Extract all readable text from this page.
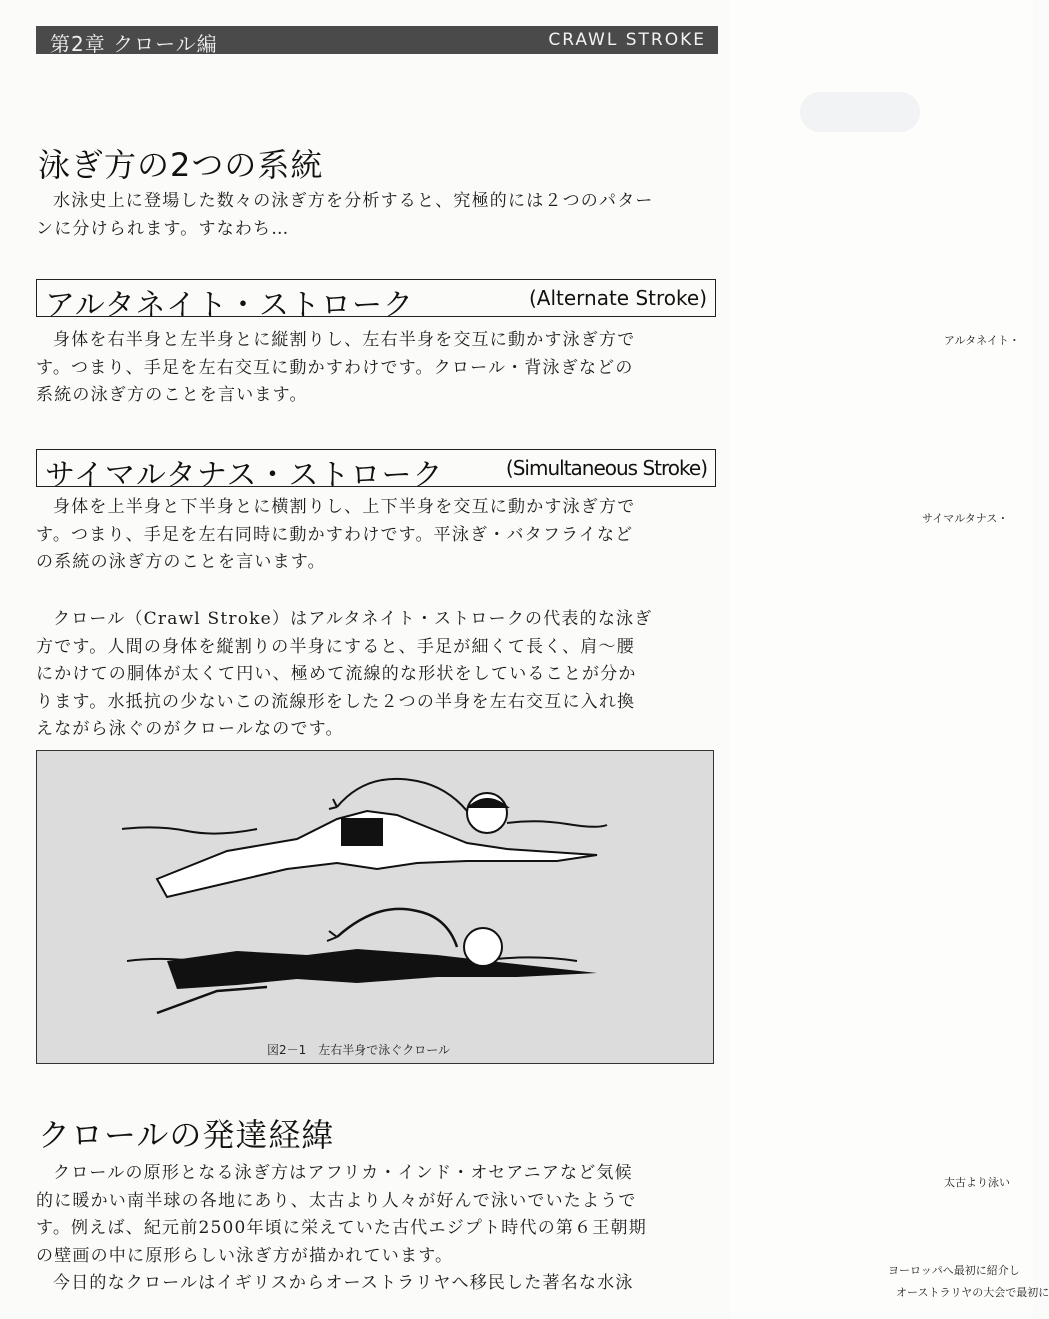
第2章 クロール編	CRAWL STROKE
泳ぎ方の2つの系統

水泳史上に登場した数々の泳ぎ方を分析すると、究極的には２つのパター
ンに分けられます。すなわち…

アルタネイト・ストローク	(Alternate Stroke)

身体を右半身と左半身とに縦割りし、左右半身を交互に動かす泳ぎ方で
す。つまり、手足を左右交互に動かすわけです。クロール・背泳ぎなどの
系統の泳ぎ方のことを言います。

サイマルタナス・ストローク	(Simultaneous Stroke)

身体を上半身と下半身とに横割りし、上下半身を交互に動かす泳ぎ方で
す。つまり、手足を左右同時に動かすわけです。平泳ぎ・バタフライなど
の系統の泳ぎ方のことを言います。

クロール（Crawl Stroke）はアルタネイト・ストロークの代表的な泳ぎ
方です。人間の身体を縦割りの半身にすると、手足が細くて長く、肩～腰
にかけての胴体が太くて円い、極めて流線的な形状をしていることが分か
ります。水抵抗の少ないこの流線形をした２つの半身を左右交互に入れ換
えながら泳ぐのがクロールなのです。

図2－1　左右半身で泳ぐクロール
クロールの発達経緯

クロールの原形となる泳ぎ方はアフリカ・インド・オセアニアなど気候
的に暖かい南半球の各地にあり、太古より人々が好んで泳いでいたようで
す。例えば、紀元前2500年頃に栄えていた古代エジプト時代の第６王朝期
の壁画の中に原形らしい泳ぎ方が描かれています。
今日的なクロールはイギリスからオーストラリヤへ移民した著名な水泳

アルタネイト・
サイマルタナス・
太古より泳い
ヨーロッパへ最初に紹介し
オーストラリヤの大会で最初に
